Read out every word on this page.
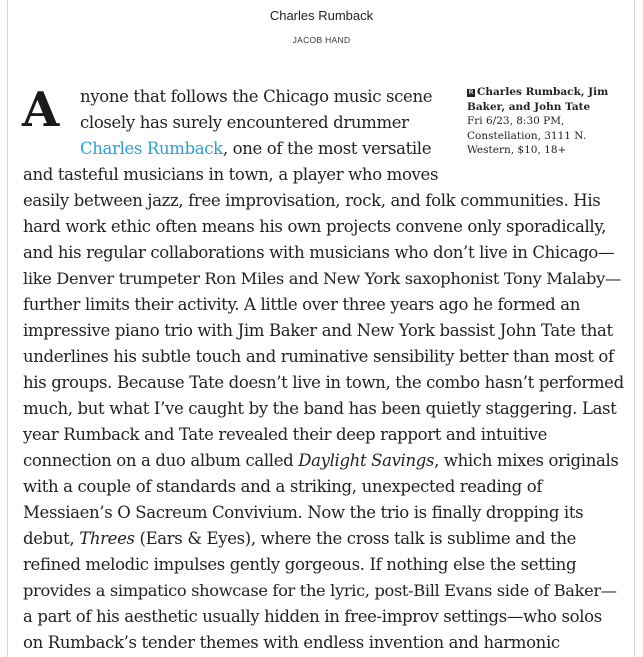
Charles Rumback
JACOB HAND
A	R Charles Rumback, Jim
Baker, and John Tate
Fri 6/23, 8:30 PM,
Constellation, 3111 N.
Western, $10, 18+
nyone that follows the Chicago music scene
closely has surely encountered drummer
Charles Rumback, one of the most versatile
and tasteful musicians in town, a player who moves
easily between jazz, free improvisation, rock, and folk communities. His
hard work ethic often means his own projects convene only sporadically,
and his regular collaborations with musicians who don’t live in Chicago—
like Denver trumpeter Ron Miles and New York saxophonist Tony Malaby—
further limits their activity. A little over three years ago he formed an
impressive piano trio with Jim Baker and New York bassist John Tate that
underlines his subtle touch and ruminative sensibility better than most of
his groups. Because Tate doesn’t live in town, the combo hasn’t performed
much, but what I’ve caught by the band has been quietly staggering. Last
year Rumback and Tate revealed their deep rapport and intuitive
connection on a duo album called Daylight Savings, which mixes originals
with a couple of standards and a striking, unexpected reading of
Messiaen’s O Sacreum Convivium. Now the trio is finally dropping its
debut, Threes (Ears & Eyes), where the cross talk is sublime and the
refined melodic impulses gently gorgeous. If nothing else the setting
provides a simpatico showcase for the lyric, post-Bill Evans side of Baker—
a part of his aesthetic usually hidden in free-improv settings—who solos
on Rumback’s tender themes with endless invention and harmonic
